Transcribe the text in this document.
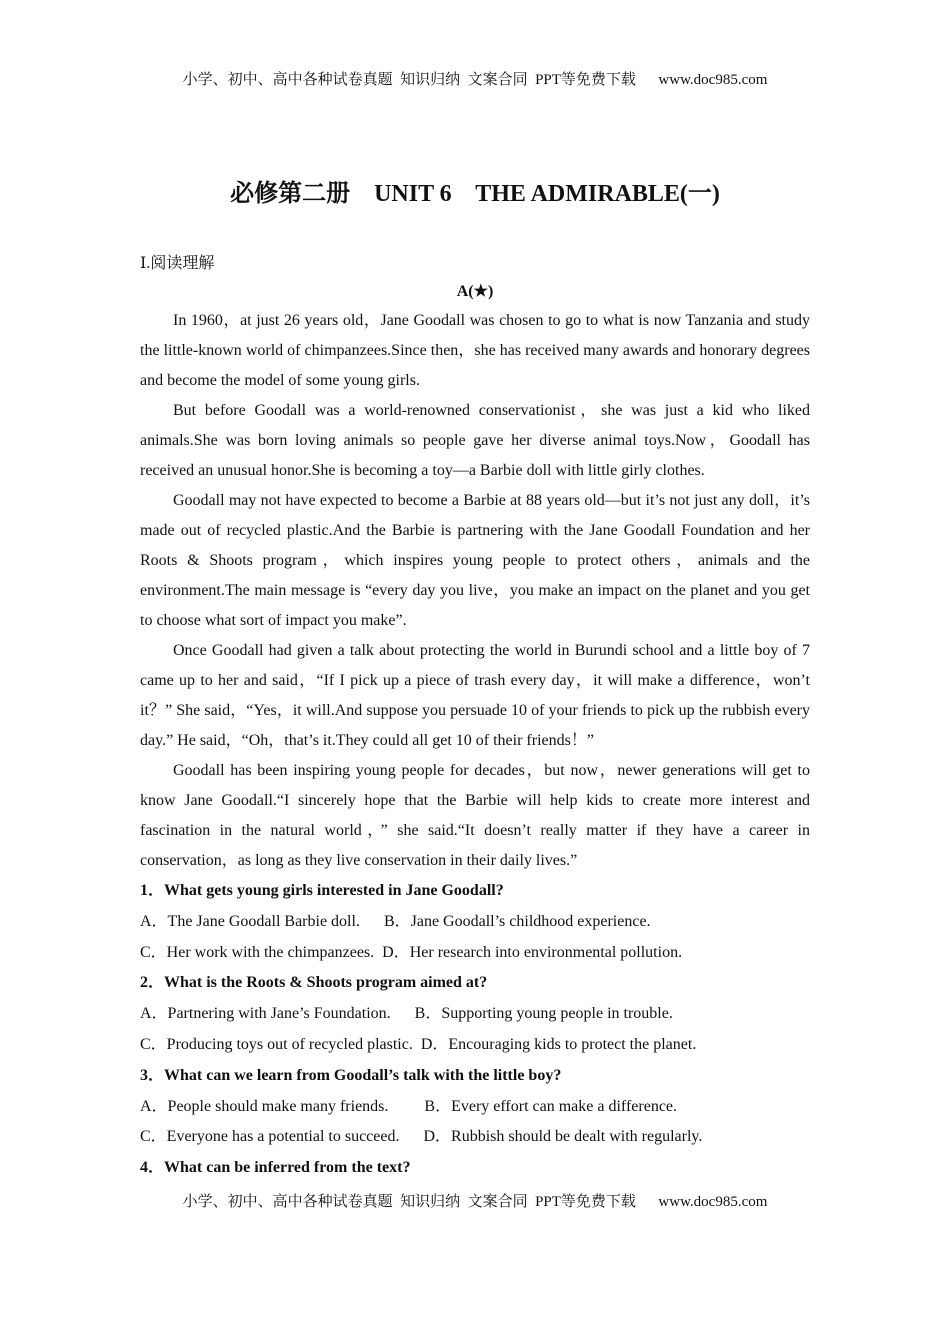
小学、初中、高中各种试卷真题  知识归纳  文案合同  PPT等免费下载      www.doc985.com
必修第二册    UNIT 6    THE ADMIRABLE(一)
Ⅰ.阅读理解
A(★)

In 1960，at just 26 years old，Jane Goodall was chosen to go to what is now Tanzania and study the little-known world of chimpanzees.Since then，she has received many awards and honorary degrees and become the model of some young girls.

But before Goodall was a world-renowned conservationist，she was just a kid who liked animals.She was born loving animals so people gave her diverse animal toys.Now，Goodall has received an unusual honor.She is becoming a toy—a Barbie doll with little girly clothes.

Goodall may not have expected to become a Barbie at 88 years old—but it’s not just any doll，it’s made out of recycled plastic.And the Barbie is partnering with the Jane Goodall Foundation and her Roots & Shoots program，which inspires young people to protect others，animals and the environment.The main message is “every day you live，you make an impact on the planet and you get to choose what sort of impact you make”.

Once Goodall had given a talk about protecting the world in Burundi school and a little boy of 7 came up to her and said，“If I pick up a piece of trash every day，it will make a difference，won’t it？” She said，“Yes，it will.And suppose you persuade 10 of your friends to pick up the rubbish every day.” He said，“Oh，that’s it.They could all get 10 of their friends！”

Goodall has been inspiring young people for decades，but now，newer generations will get to know Jane Goodall.“I sincerely hope that the Barbie will help kids to create more interest and fascination in the natural world，” she said.“It doesn’t really matter if they have a career in conservation，as long as they live conservation in their daily lives.”

1．What gets young girls interested in Jane Goodall?

A．The Jane Goodall Barbie doll.      B．Jane Goodall’s childhood experience.

C．Her work with the chimpanzees.  D．Her research into environmental pollution.

2．What is the Roots & Shoots program aimed at?

A．Partnering with Jane’s Foundation.      B．Supporting young people in trouble.

C．Producing toys out of recycled plastic.  D．Encouraging kids to protect the planet.

3．What can we learn from Goodall’s talk with the little boy?

A．People should make many friends.         B．Every effort can make a difference.

C．Everyone has a potential to succeed.      D．Rubbish should be dealt with regularly.

4．What can be inferred from the text?

小学、初中、高中各种试卷真题  知识归纳  文案合同  PPT等免费下载      www.doc985.com
